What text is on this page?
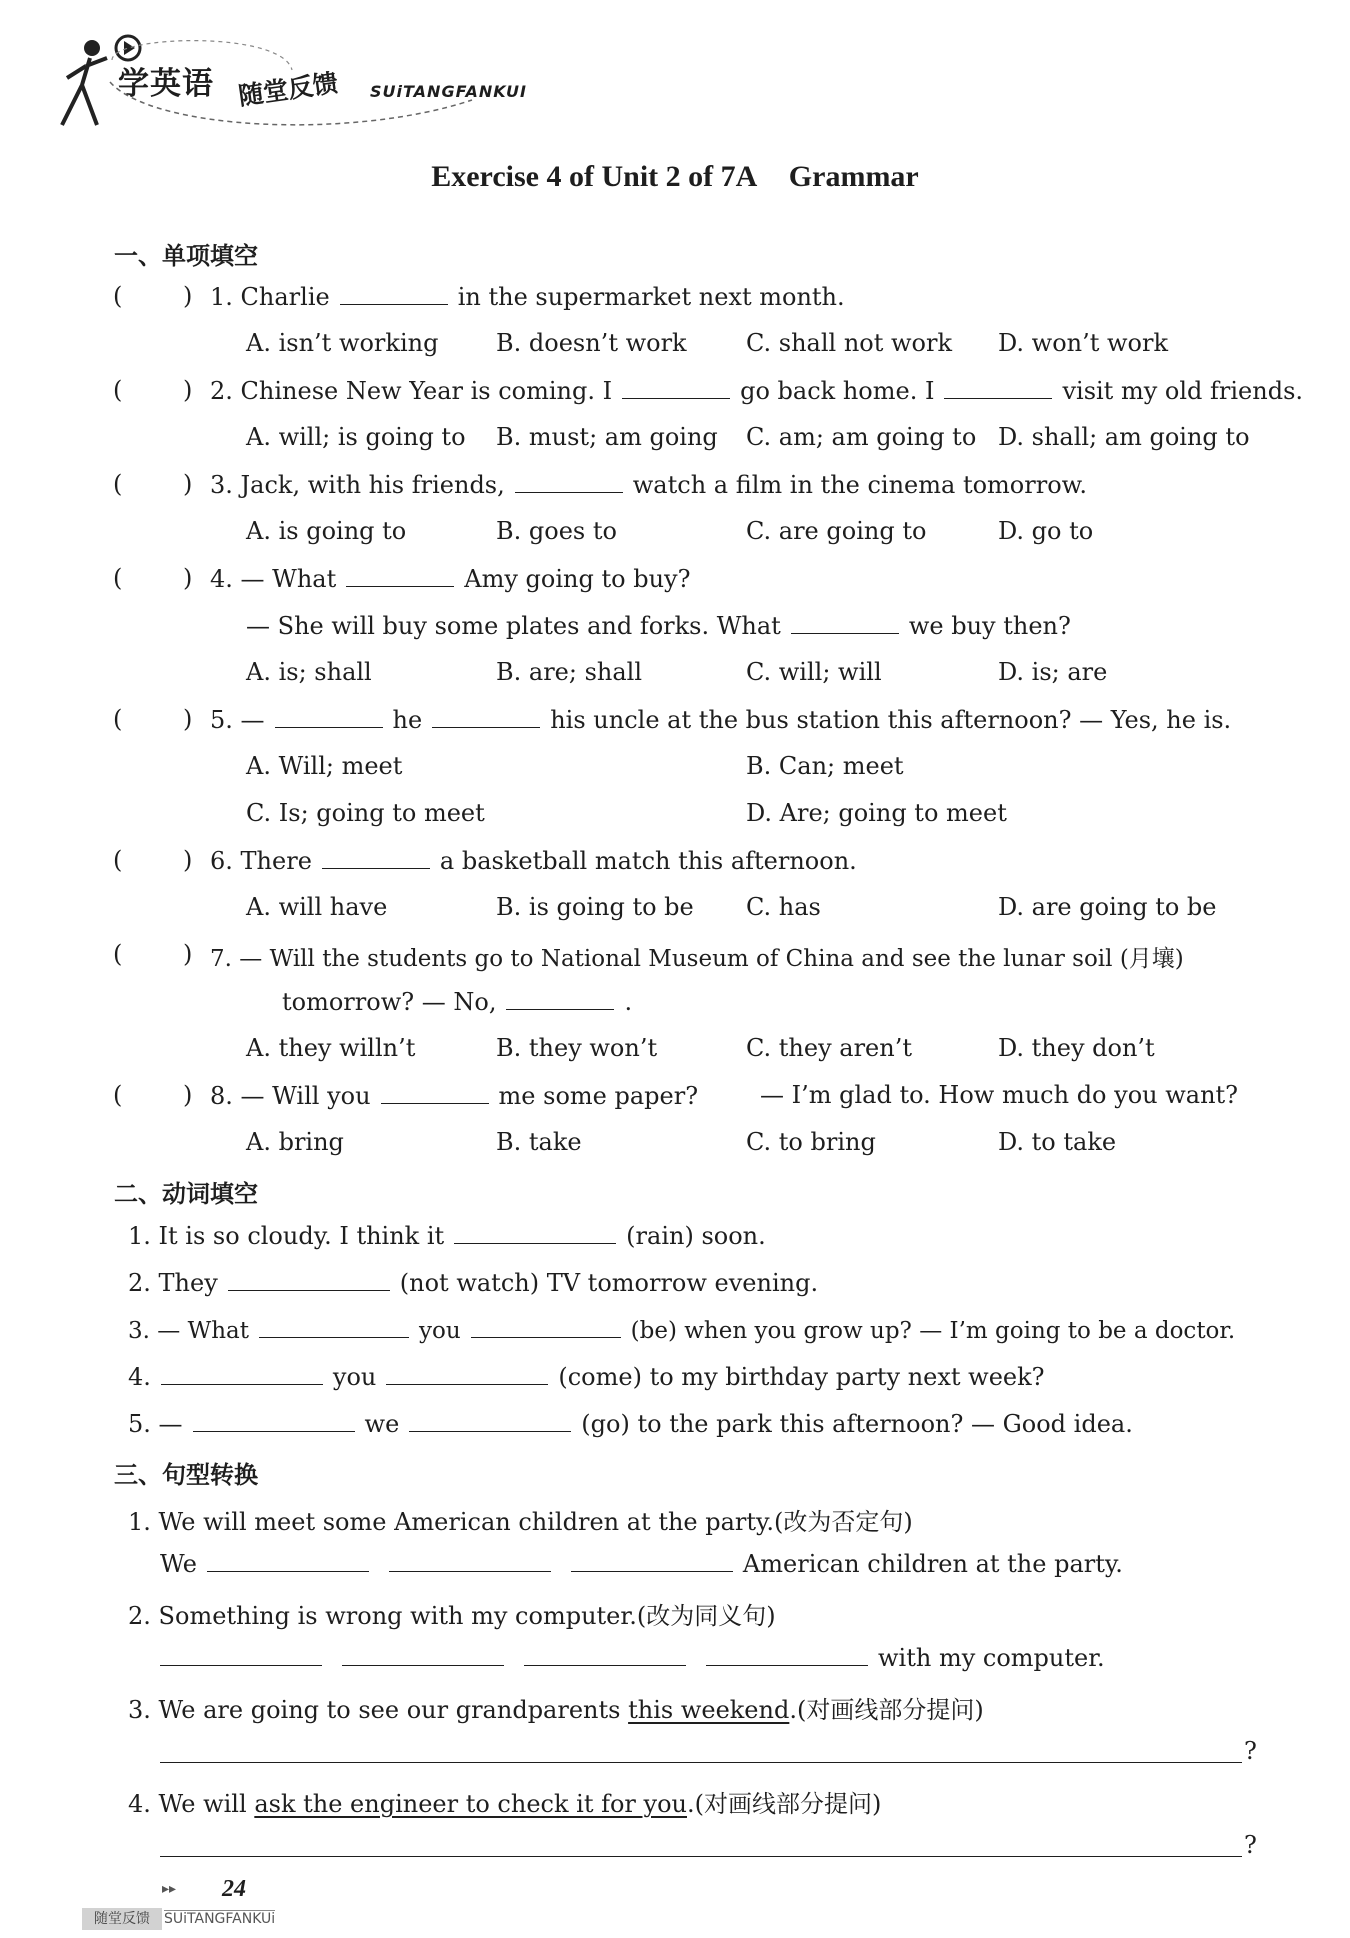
学英语 随堂反馈 SUiTANGFANKUI
Exercise 4 of Unit 2 of 7A Grammar
一、单项填空
(	) 1. Charlie	in the supermarket next month.
A. isn’t working B. doesn’t work C. shall not work D. won’t work
(	) 2. Chinese New Year is coming. I	go back home. I	visit my old friends.
A. will; is going to B. must; am going C. am; am going to D. shall; am going to
(	) 3. Jack, with his friends,	watch a film in the cinema tomorrow.
A. is going to	B. goes to	C. are going to	D. go to
(	) 4. — What	Amy going to buy?
— She will buy some plates and forks. What	we buy then?
A. is; shall	B. are; shall	C. will; will	D. is; are
(	) 5. —	he	his uncle at the bus station this afternoon? — Yes, he is.
A. Will; meet	B. Can; meet
C. Is; going to meet	D. Are; going to meet
(	) 6. There	a basketball match this afternoon.
A. will have	B. is going to be C. has	D. are going to be
(	) 7. — Will the students go to National Museum of China and see the lunar soil (月壤)
tomorrow? — No,	.
A. they willn’t	B. they won’t	C. they aren’t	D. they don’t
(	) 8. — Will you	me some paper?	— I’m glad to. How much do you want?
A. bring	B. take	C. to bring	D. to take
二、动词填空
1. It is so cloudy. I think it	(rain) soon.
2. They	(not watch) TV tomorrow evening.
3. — What	you	(be) when you grow up? — I’m going to be a doctor.
4.	you	(come) to my birthday party next week?
5. —	we	(go) to the park this afternoon? — Good idea.
三、句型转换
1. We will meet some American children at the party.(改为否定句)
We	American children at the party.
2. Something is wrong with my computer.(改为同义句)
with my computer.
3. We are going to see our grandparents this weekend.(对画线部分提问)
?
4. We will ask the engineer to check it for you.(对画线部分提问)
?
▸▸ 24
随堂反馈	SUiTANGFANKUi
